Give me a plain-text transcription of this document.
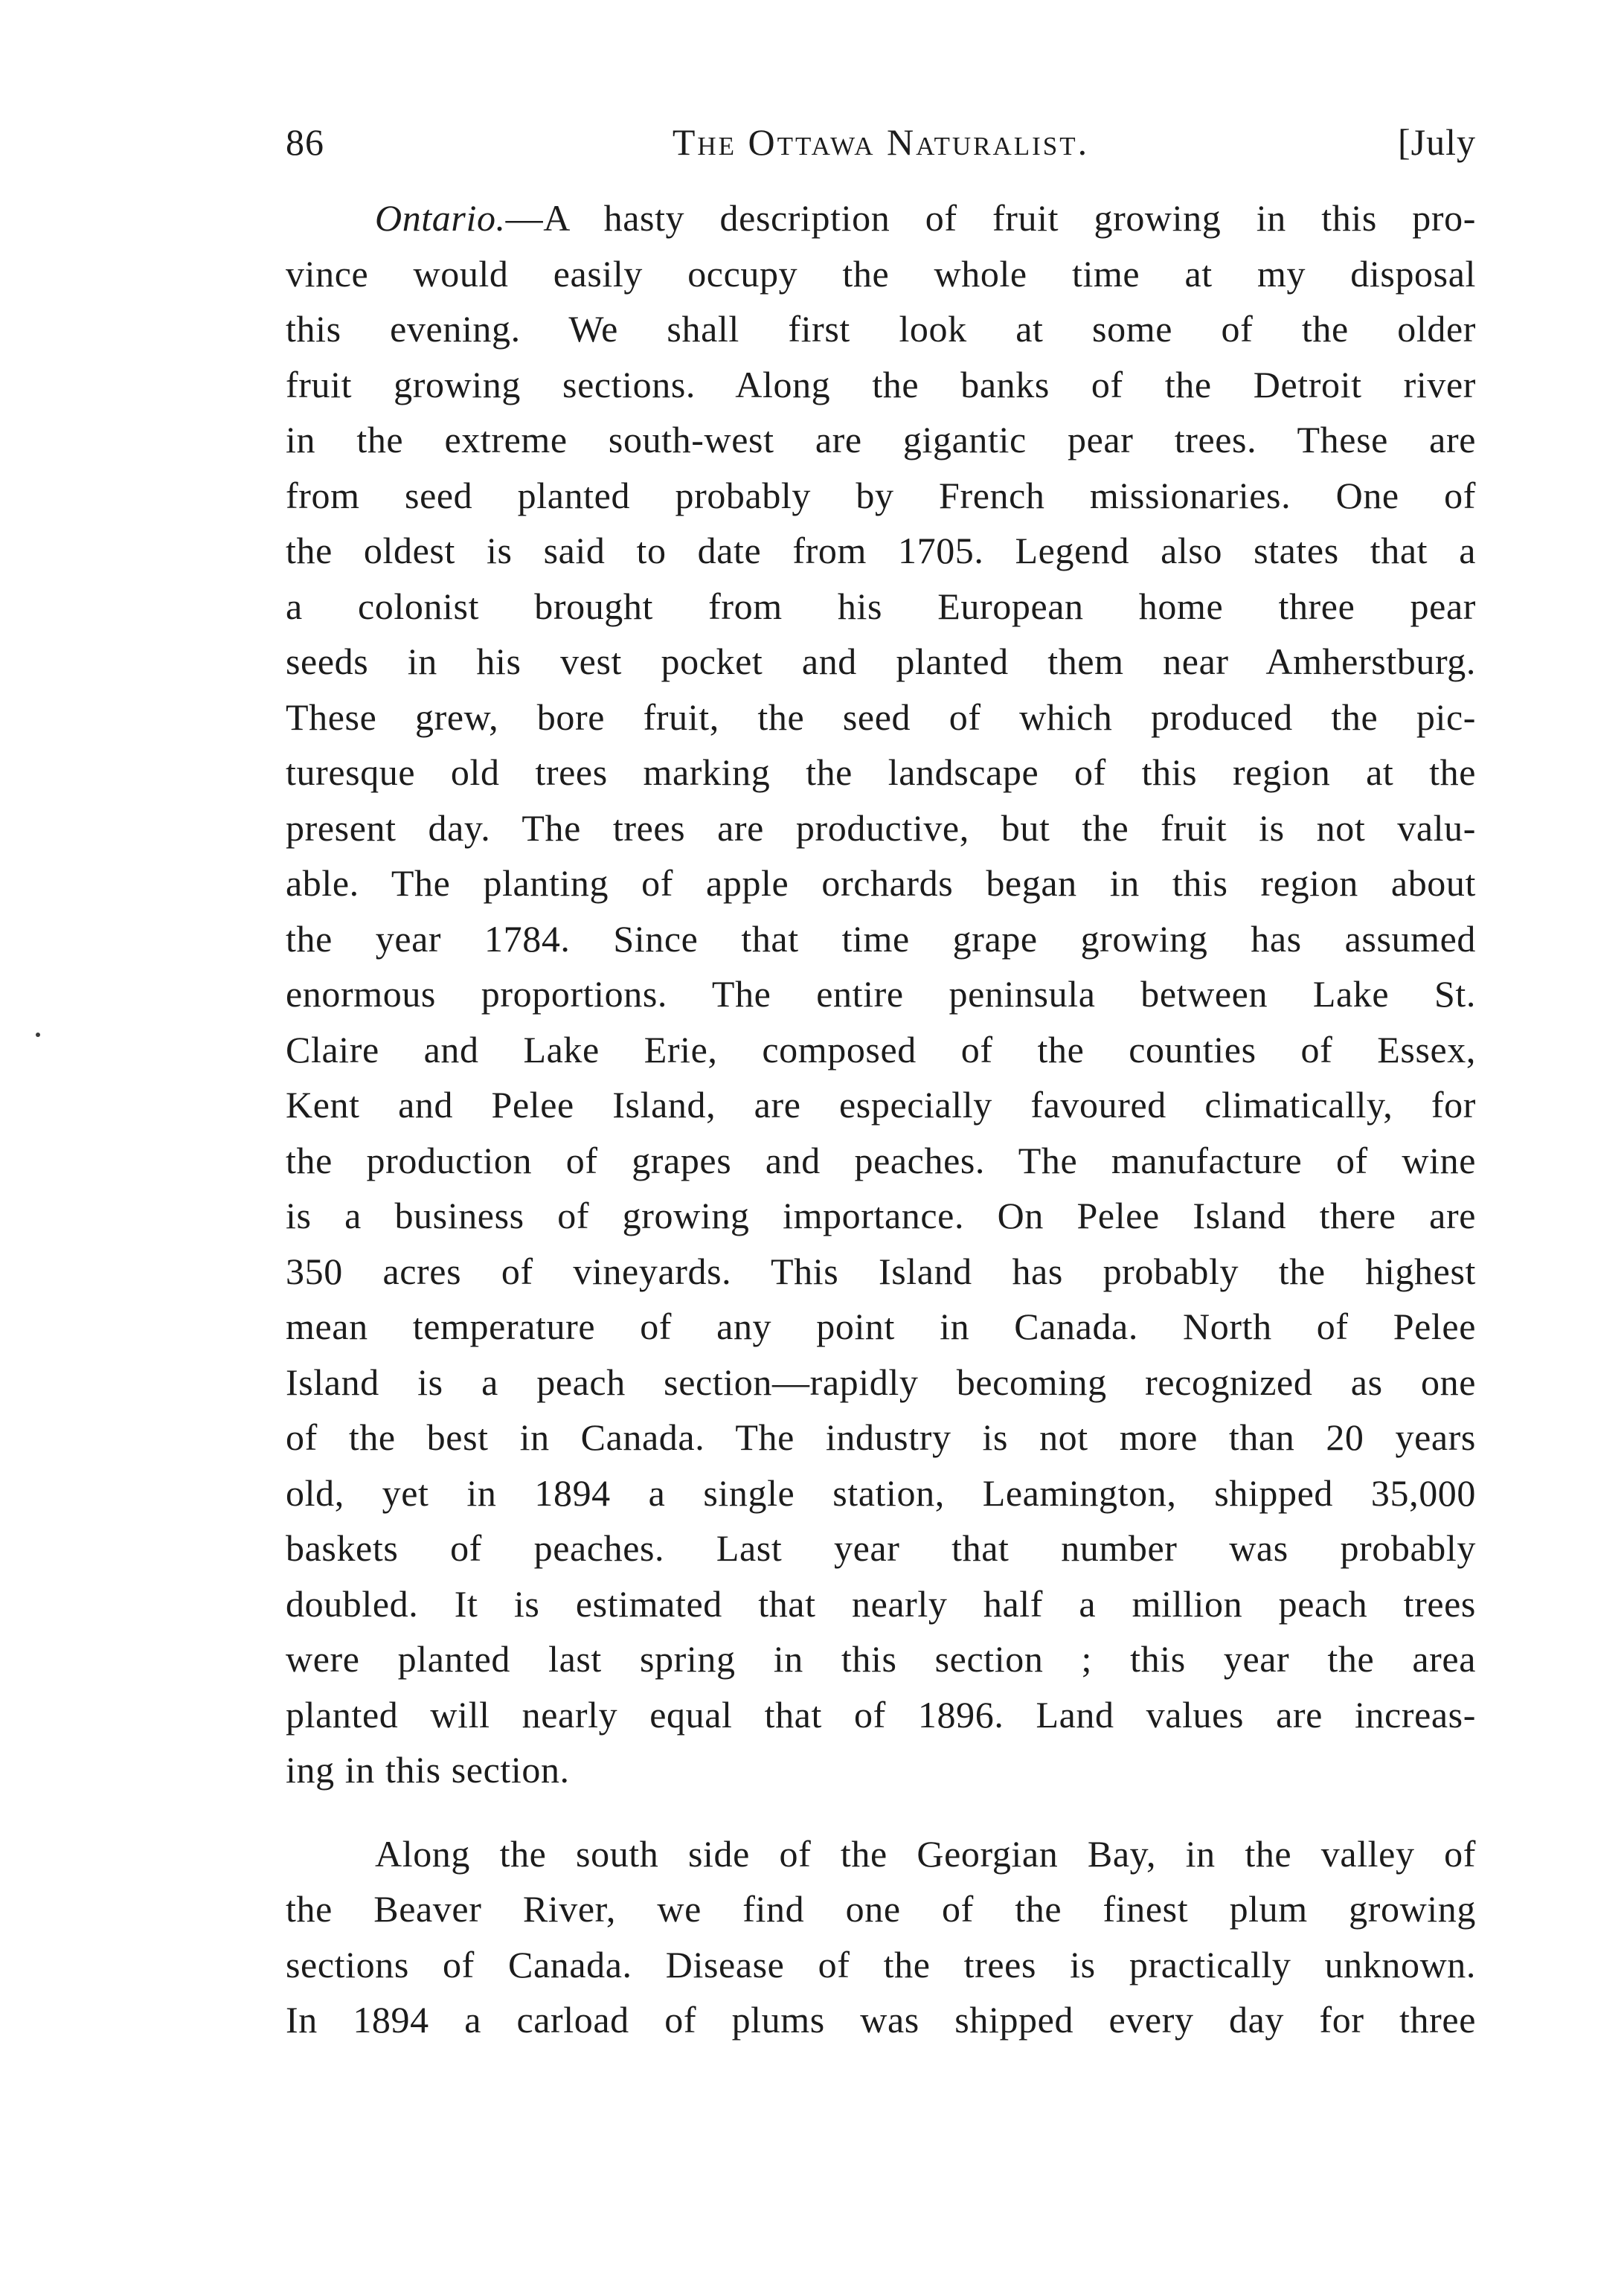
86	The Ottawa Naturalist.	[July
Ontario.—A hasty description of fruit growing in this pro-
vince would easily occupy the whole time at my disposal
this evening. We shall first look at some of the older
fruit growing sections. Along the banks of the Detroit river
in the extreme south-west are gigantic pear trees. These are
from seed planted probably by French missionaries. One of
the oldest is said to date from 1705. Legend also states that a
a colonist brought from his European home three pear
seeds in his vest pocket and planted them near Amherstburg.
These grew, bore fruit, the seed of which produced the pic-
turesque old trees marking the landscape of this region at the
present day. The trees are productive, but the fruit is not valu-
able. The planting of apple orchards began in this region about
the year 1784. Since that time grape growing has assumed
enormous proportions. The entire peninsula between Lake St.
Claire and Lake Erie, composed of the counties of Essex,
Kent and Pelee Island, are especially favoured climatically, for
the production of grapes and peaches. The manufacture of wine
is a business of growing importance. On Pelee Island there are
350 acres of vineyards. This Island has probably the highest
mean temperature of any point in Canada. North of Pelee
Island is a peach section—rapidly becoming recognized as one
of the best in Canada. The industry is not more than 20 years
old, yet in 1894 a single station, Leamington, shipped 35,000
baskets of peaches. Last year that number was probably
doubled. It is estimated that nearly half a million peach trees
were planted last spring in this section ; this year the area
planted will nearly equal that of 1896. Land values are increas-
ing in this section.
Along the south side of the Georgian Bay, in the valley of
the Beaver River, we find one of the finest plum growing
sections of Canada. Disease of the trees is practically unknown.
In 1894 a carload of plums was shipped every day for three
